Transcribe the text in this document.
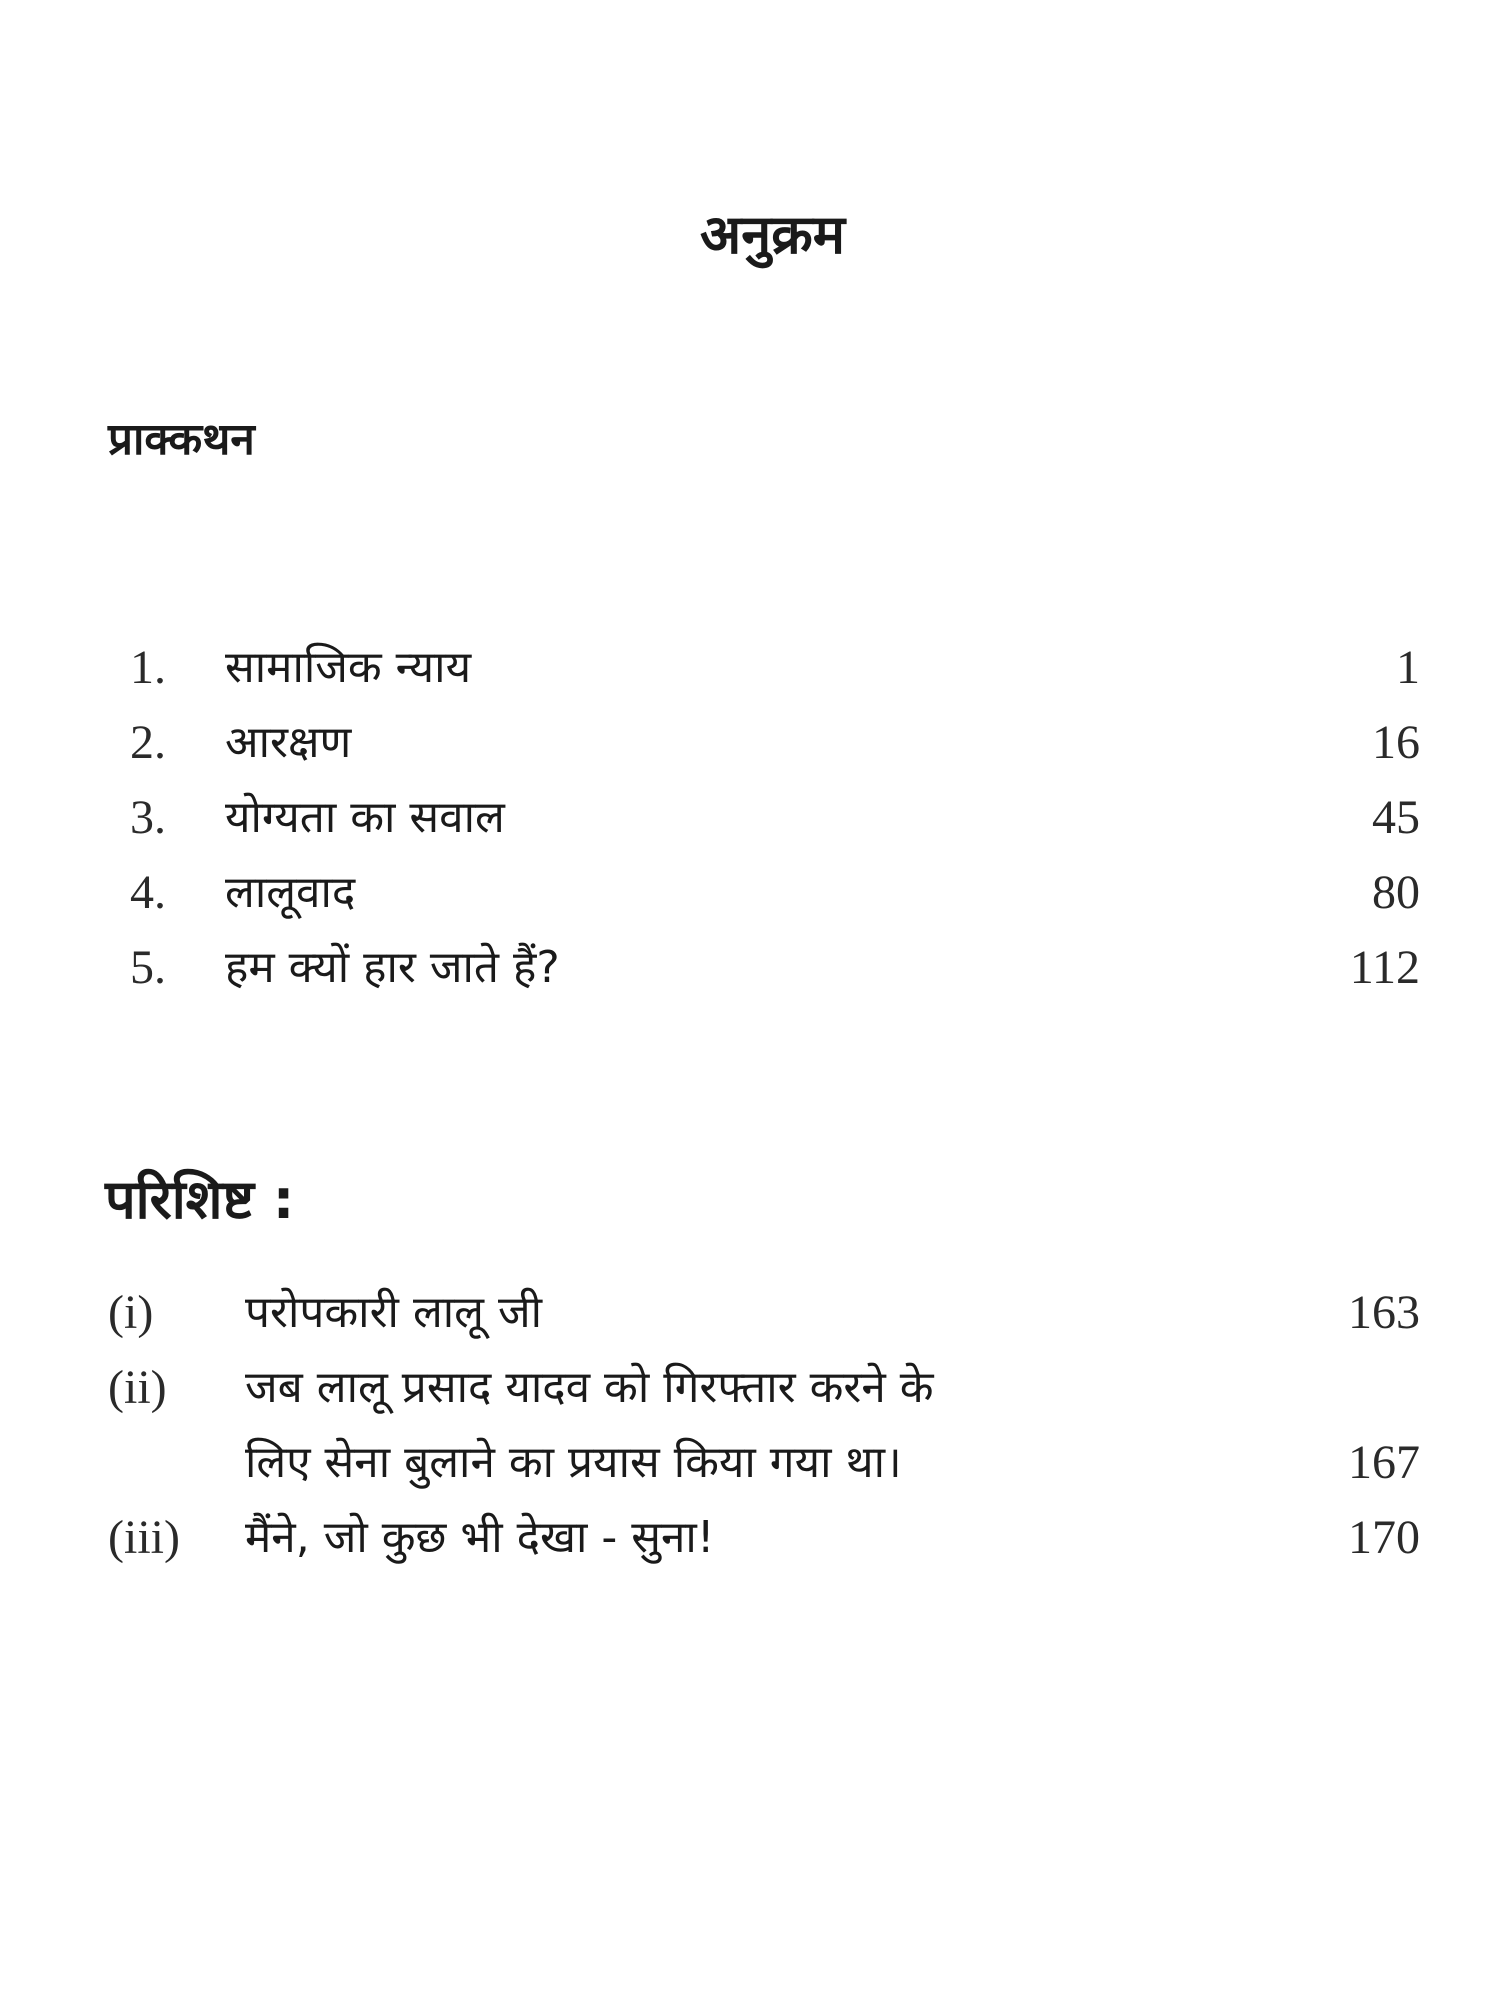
अनुक्रम
प्राक्कथन
1. सामाजिक न्याय	1
2. आरक्षण	16
3. योग्यता का सवाल	45
4. लालूवाद	80
5. हम क्यों हार जाते हैं?	112
परिशिष्ट :
(i) परोपकारी लालू जी	163
(ii) जब लालू प्रसाद यादव को गिरफ्तार करने के
लिए सेना बुलाने का प्रयास किया गया था।	167
(iii) मैंने, जो कुछ भी देखा - सुना!	170
